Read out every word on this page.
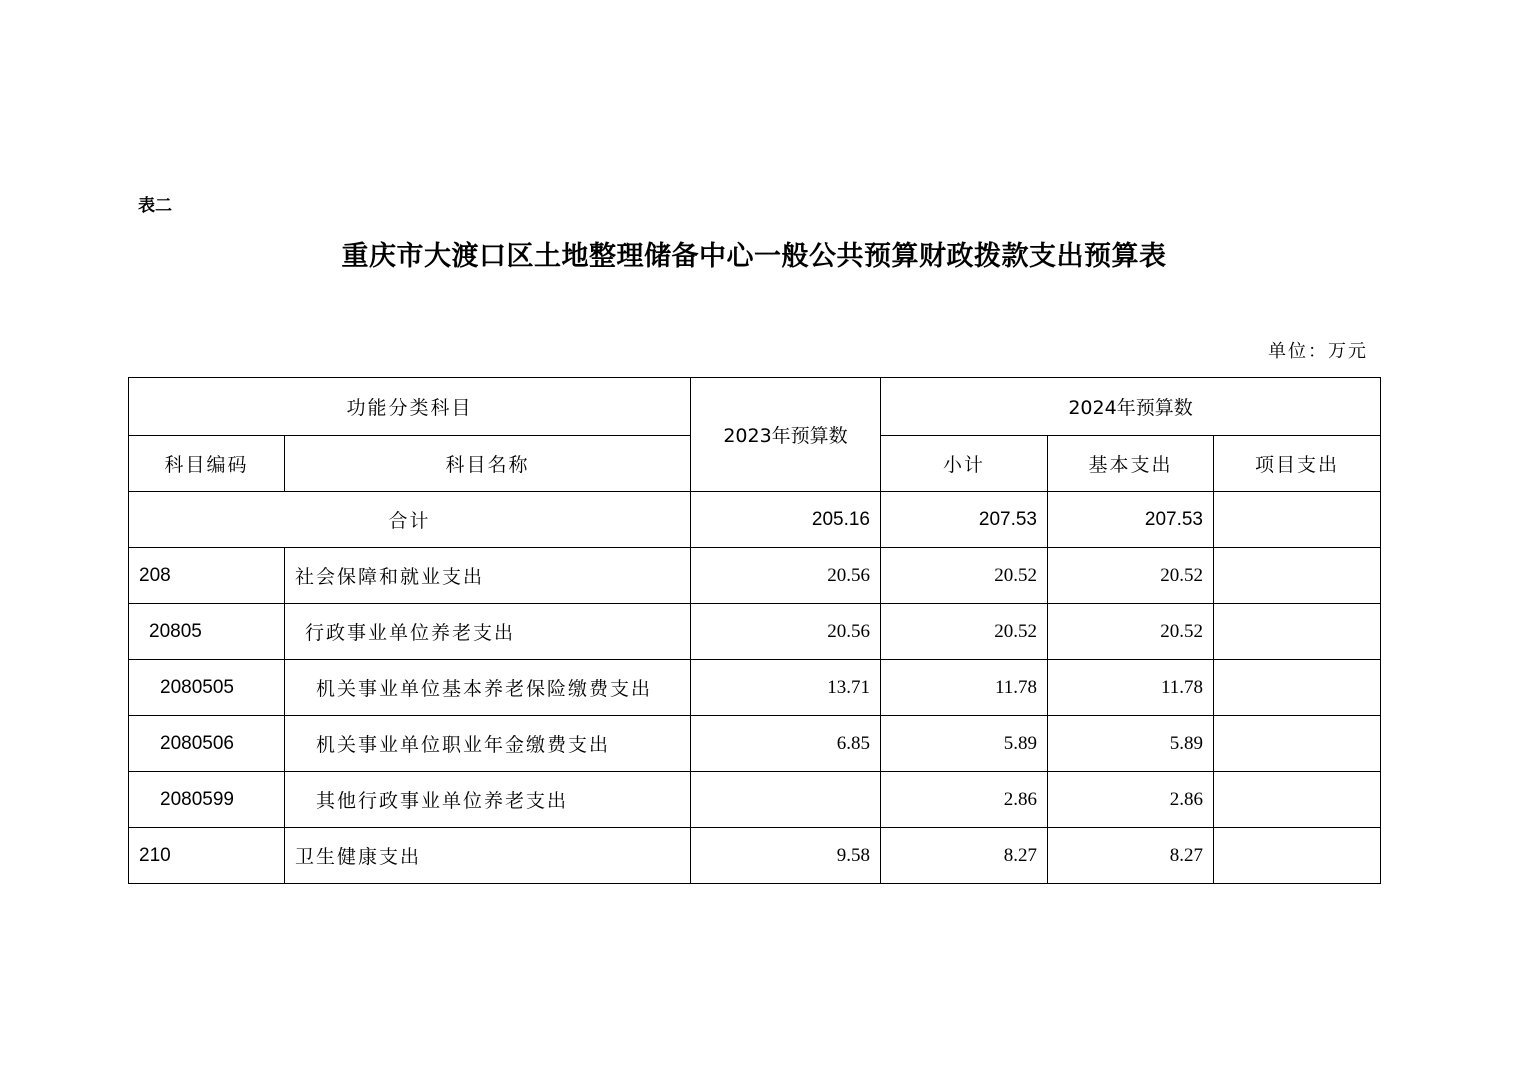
表二
重庆市大渡口区土地整理储备中心一般公共预算财政拨款支出预算表
单位：万元
功能分类科目		2023年预算数	2024年预算数		
科目编码	科目名称		小计	基本支出	项目支出
合计		205.16	207.53	207.53	
208	社会保障和就业支出	20.56	20.52	20.52	
20805	行政事业单位养老支出	20.56	20.52	20.52	
2080505	机关事业单位基本养老保险缴费支出	13.71	11.78	11.78	
2080506	机关事业单位职业年金缴费支出	6.85	5.89	5.89	
2080599	其他行政事业单位养老支出		2.86	2.86	
210	卫生健康支出	9.58	8.27	8.27	
